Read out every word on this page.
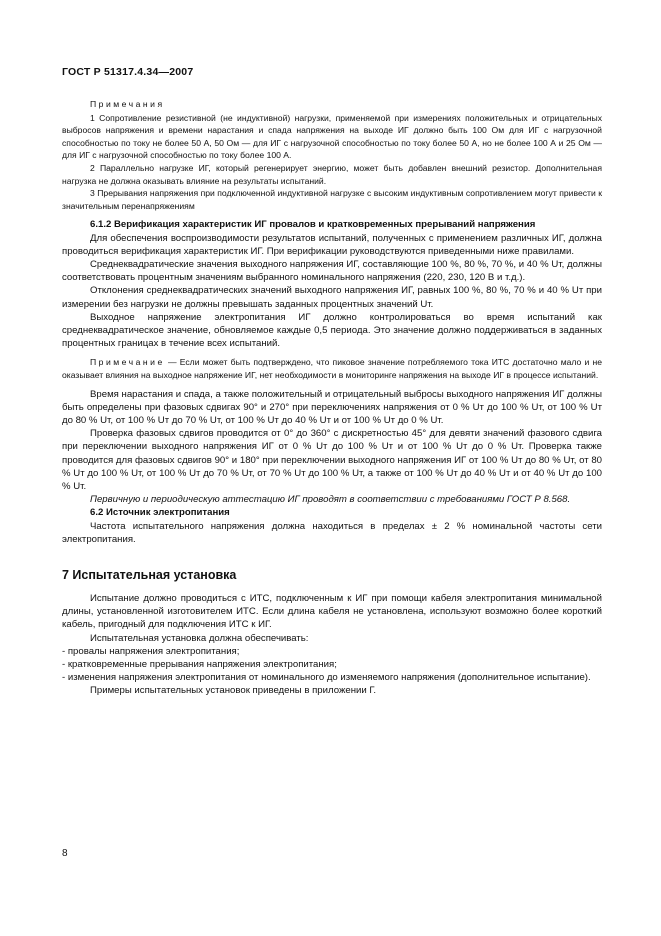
ГОСТ Р 51317.4.34—2007

Примечания

1 Сопротивление резистивной (не индуктивной) нагрузки, применяемой при измерениях положительных и отрицательных выбросов напряжения и времени нарастания и спада напряжения на выходе ИГ должно быть 100 Ом для ИГ с нагрузочной способностью по току не более 50 А, 50 Ом — для ИГ с нагрузочной способностью по току более 50 А, но не более 100 А и 25 Ом — для ИГ с нагрузочной способностью по току более 100 А.

2 Параллельно нагрузке ИГ, который регенерирует энергию, может быть добавлен внешний резистор. Дополнительная нагрузка не должна оказывать влияние на результаты испытаний.

3 Прерывания напряжения при подключенной индуктивной нагрузке с высоким индуктивным сопротивлением могут привести к значительным перенапряжениям

6.1.2 Верификация характеристик ИГ провалов и кратковременных прерываний напряжения

Для обеспечения воспроизводимости результатов испытаний, полученных с применением различных ИГ, должна проводиться верификация характеристик ИГ. При верификации руководствуются приведенными ниже правилами.

Среднеквадратические значения выходного напряжения ИГ, составляющие 100 %, 80 %, 70 %, и 40 % Uт, должны соответствовать процентным значениям выбранного номинального напряжения (220, 230, 120 В и т.д.).

Отклонения среднеквадратических значений выходного напряжения ИГ, равных 100 %, 80 %, 70 % и 40 % Uт при измерении без нагрузки не должны превышать заданных процентных значений Uт.

Выходное напряжение электропитания ИГ должно контролироваться во время испытаний как среднеквадратическое значение, обновляемое каждые 0,5 периода. Это значение должно поддерживаться в заданных процентных границах в течение всех испытаний.

Примечание — Если может быть подтверждено, что пиковое значение потребляемого тока ИТС достаточно мало и не оказывает влияния на выходное напряжение ИГ, нет необходимости в мониторинге напряжения на выходе ИГ в процессе испытаний.

Время нарастания и спада, а также положительный и отрицательный выбросы выходного напряжения ИГ должны быть определены при фазовых сдвигах 90° и 270° при переключениях напряжения от 0 % Uт до 100 % Uт, от 100 % Uт до 80 % Uт, от 100 % Uт до 70 % Uт, от 100 % Uт до 40 % Uт и от 100 % Uт до 0 % Uт.

Проверка фазовых сдвигов проводится от 0° до 360° с дискретностью 45° для девяти значений фазового сдвига при переключении выходного напряжения ИГ от 0 % Uт до 100 % Uт и от 100 % Uт до 0 % Uт. Проверка также проводится для фазовых сдвигов 90° и 180° при переключении выходного напряжения ИГ от 100 % Uт до 80 % Uт, от 80 % Uт до 100 % Uт, от 100 % Uт до 70 % Uт, от 70 % Uт до 100 % Uт, а также от 100 % Uт до 40 % Uт и от 40 % Uт до 100 % Uт.

Первичную и периодическую аттестацию ИГ проводят в соответствии с требованиями ГОСТ Р 8.568.

6.2 Источник электропитания

Частота испытательного напряжения должна находиться в пределах ± 2 % номинальной частоты сети электропитания.

7 Испытательная установка

Испытание должно проводиться с ИТС, подключенным к ИГ при помощи кабеля электропитания минимальной длины, установленной изготовителем ИТС. Если длина кабеля не установлена, используют возможно более короткий кабель, пригодный для подключения ИТС к ИГ.

Испытательная установка должна обеспечивать:

- провалы напряжения электропитания;

- кратковременные прерывания напряжения электропитания;

- изменения напряжения электропитания от номинального до изменяемого напряжения (дополнительное испытание).

Примеры испытательных установок приведены в приложении Г.

8
